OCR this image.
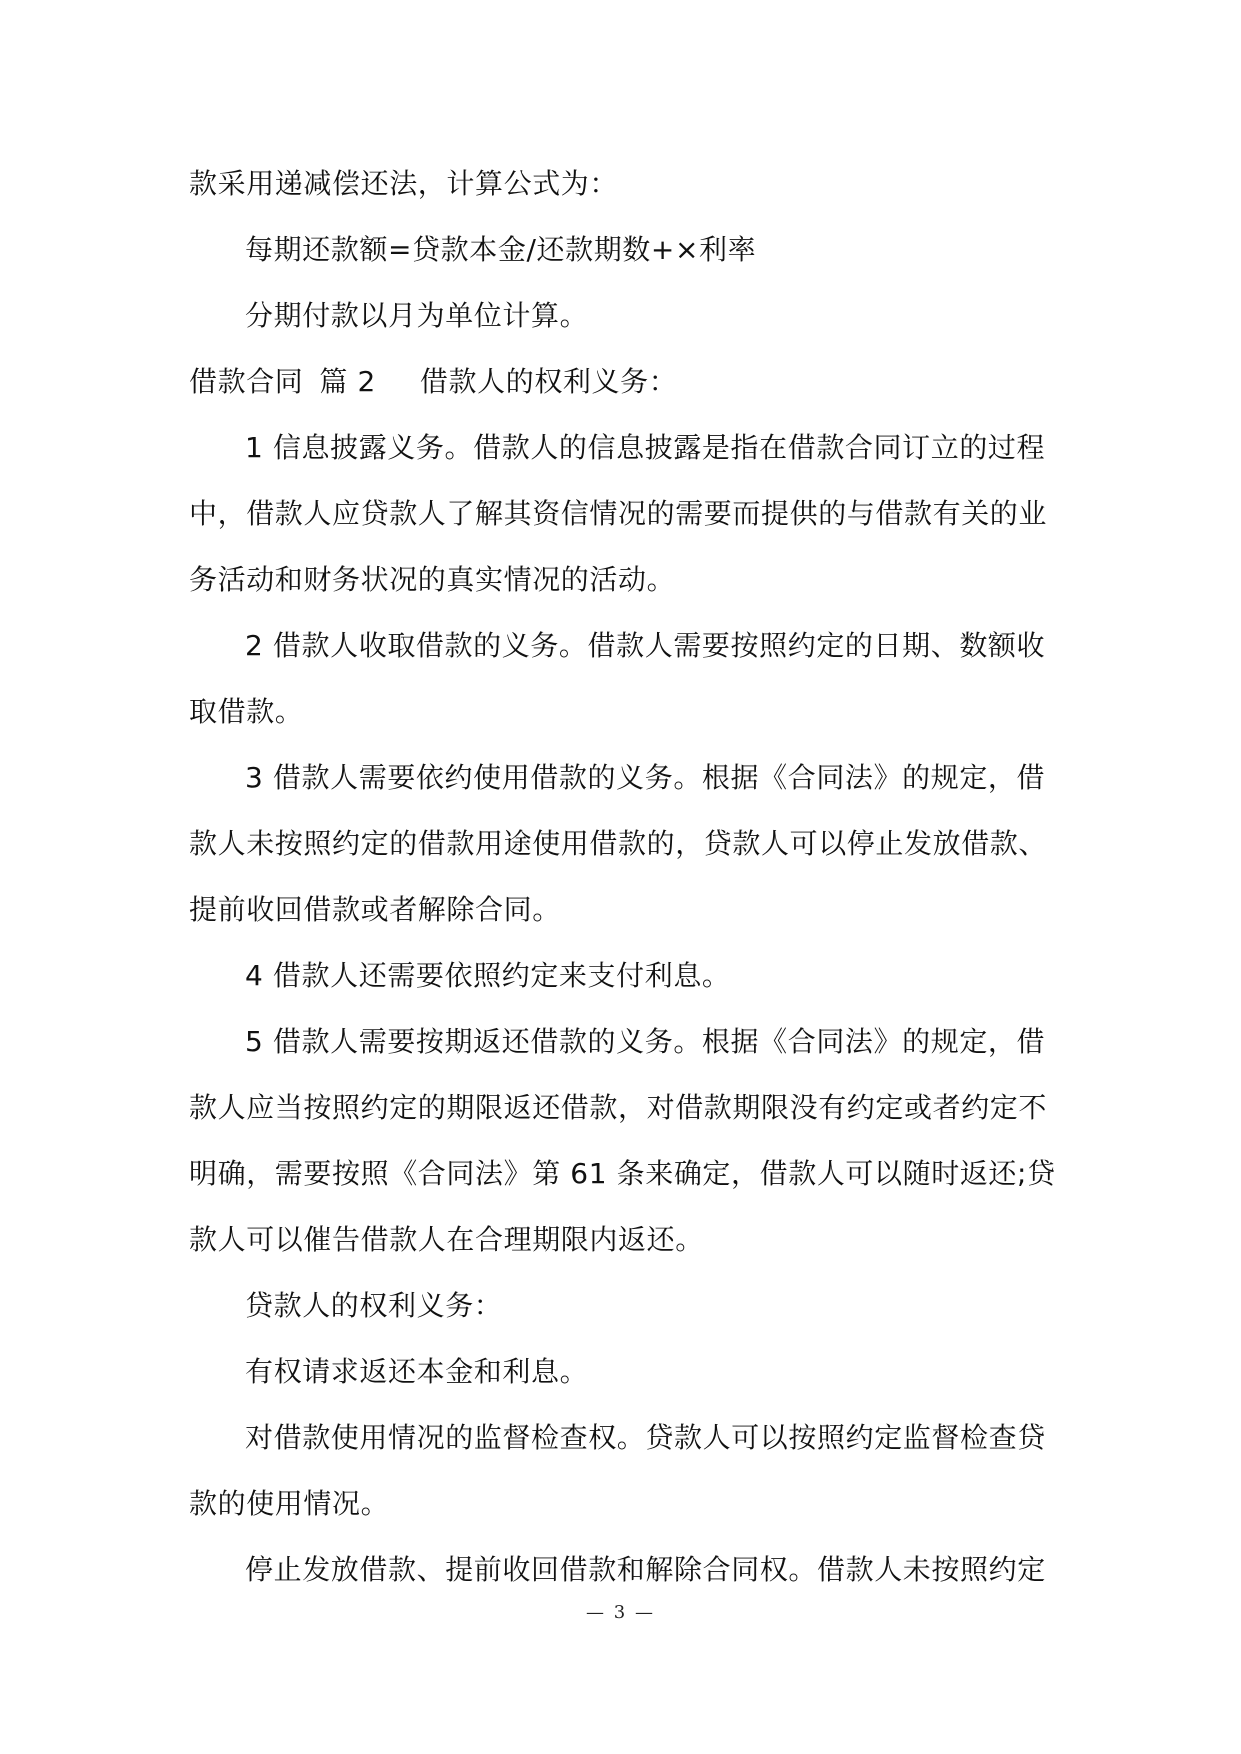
款采用递减偿还法，计算公式为：
每期还款额=贷款本金/还款期数+×利率
分期付款以月为单位计算。
借款合同 篇 2 借款人的权利义务：
1 信息披露义务。借款人的信息披露是指在借款合同订立的过程
中，借款人应贷款人了解其资信情况的需要而提供的与借款有关的业
务活动和财务状况的真实情况的活动。
2 借款人收取借款的义务。借款人需要按照约定的日期、数额收
取借款。
3 借款人需要依约使用借款的义务。根据《合同法》的规定，借
款人未按照约定的借款用途使用借款的，贷款人可以停止发放借款、
提前收回借款或者解除合同。
4 借款人还需要依照约定来支付利息。
5 借款人需要按期返还借款的义务。根据《合同法》的规定，借
款人应当按照约定的期限返还借款，对借款期限没有约定或者约定不
明确，需要按照《合同法》第 61 条来确定，借款人可以随时返还;贷
款人可以催告借款人在合理期限内返还。
贷款人的权利义务：
有权请求返还本金和利息。
对借款使用情况的监督检查权。贷款人可以按照约定监督检查贷
款的使用情况。
停止发放借款、提前收回借款和解除合同权。借款人未按照约定
— 3 —
